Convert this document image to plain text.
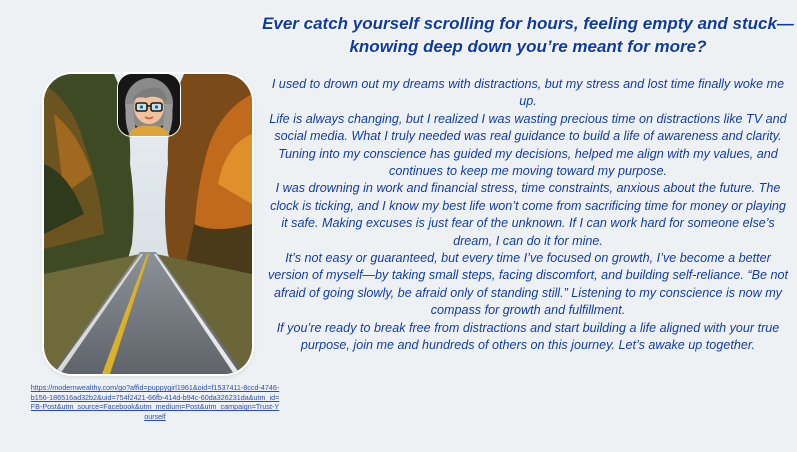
https://modernwealthy.com/go?affid=puppygirl1961&oid=f1537411-8ccd-4746-b156-186516ad32b2&uid=754f2421-66fb-414d-b94c-60da326231da&utm_id=FB-Post&utm_source=Facebook&utm_medium=Post&utm_campaign=Trust-Yourself
Ever catch yourself scrolling for hours, feeling empty and stuck—knowing deep down you’re meant for more?

I used to drown out my dreams with distractions, but my stress and lost time finally woke me up.

Life is always changing, but I realized I was wasting precious time on distractions like TV and social media. What I truly needed was real guidance to build a life of awareness and clarity. Tuning into my conscience has guided my decisions, helped me align with my values, and continues to keep me moving toward my purpose.

I was drowning in work and financial stress, time constraints, anxious about the future. The clock is ticking, and I know my best life won’t come from sacrificing time for money or playing it safe. Making excuses is just fear of the unknown. If I can work hard for someone else’s dream, I can do it for mine.

It’s not easy or guaranteed, but every time I’ve focused on growth, I’ve become a better version of myself—by taking small steps, facing discomfort, and building self-reliance. “Be not afraid of going slowly, be afraid only of standing still.” Listening to my conscience is now my compass for growth and fulfillment.

If you’re ready to break free from distractions and start building a life aligned with your true purpose, join me and hundreds of others on this journey. Let’s awake up together.
